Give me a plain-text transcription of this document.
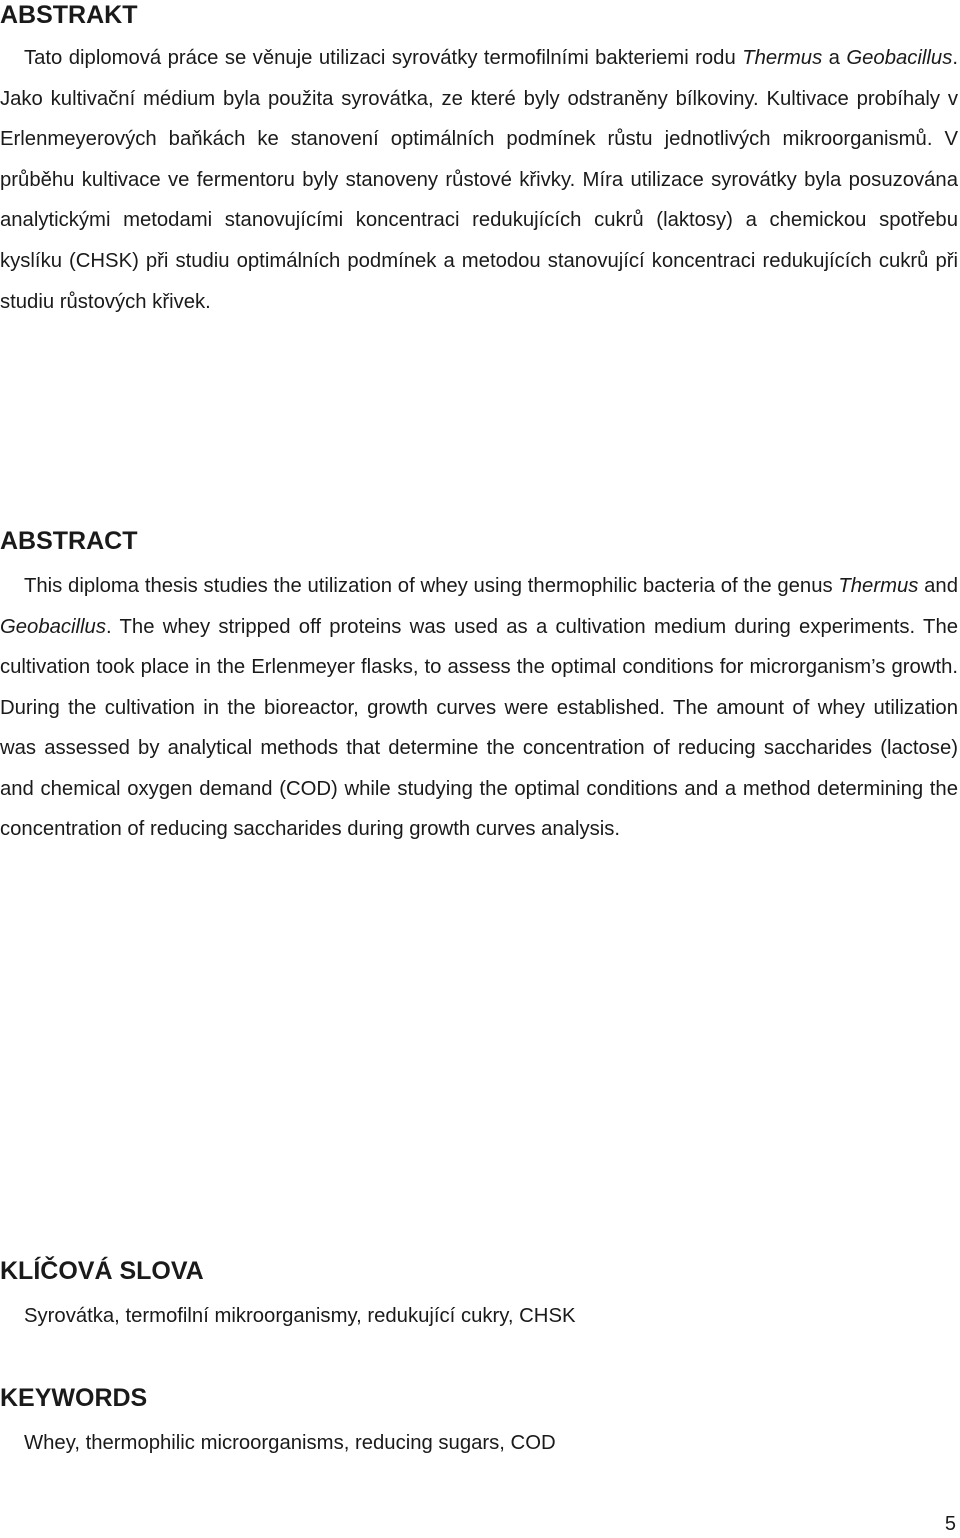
ABSTRAKT

Tato diplomová práce se věnuje utilizaci syrovátky termofilními bakteriemi rodu Thermus a Geobacillus. Jako kultivační médium byla použita syrovátka, ze které byly odstraněny bílkoviny. Kultivace probíhaly v Erlenmeyerových baňkách ke stanovení optimálních podmínek růstu jednotlivých mikroorganismů. V průběhu kultivace ve fermentoru byly stanoveny růstové křivky. Míra utilizace syrovátky byla posuzována analytickými metodami stanovujícími koncentraci redukujících cukrů (laktosy) a chemickou spotřebu kyslíku (CHSK) při studiu optimálních podmínek a metodou stanovující koncentraci redukujících cukrů při studiu růstových křivek.

ABSTRACT

This diploma thesis studies the utilization of whey using thermophilic bacteria of the genus Thermus and Geobacillus. The whey stripped off proteins was used as a cultivation medium during experiments. The cultivation took place in the Erlenmeyer flasks, to assess the optimal conditions for microrganism’s growth. During the cultivation in the bioreactor, growth curves were established. The amount of whey utilization was assessed by analytical methods that determine the concentration of reducing saccharides (lactose) and chemical oxygen demand (COD) while studying the optimal conditions and a method determining the concentration of reducing saccharides during growth curves analysis.

KLÍČOVÁ SLOVA

Syrovátka, termofilní mikroorganismy, redukující cukry, CHSK

KEYWORDS

Whey, thermophilic microorganisms, reducing sugars, COD

5
